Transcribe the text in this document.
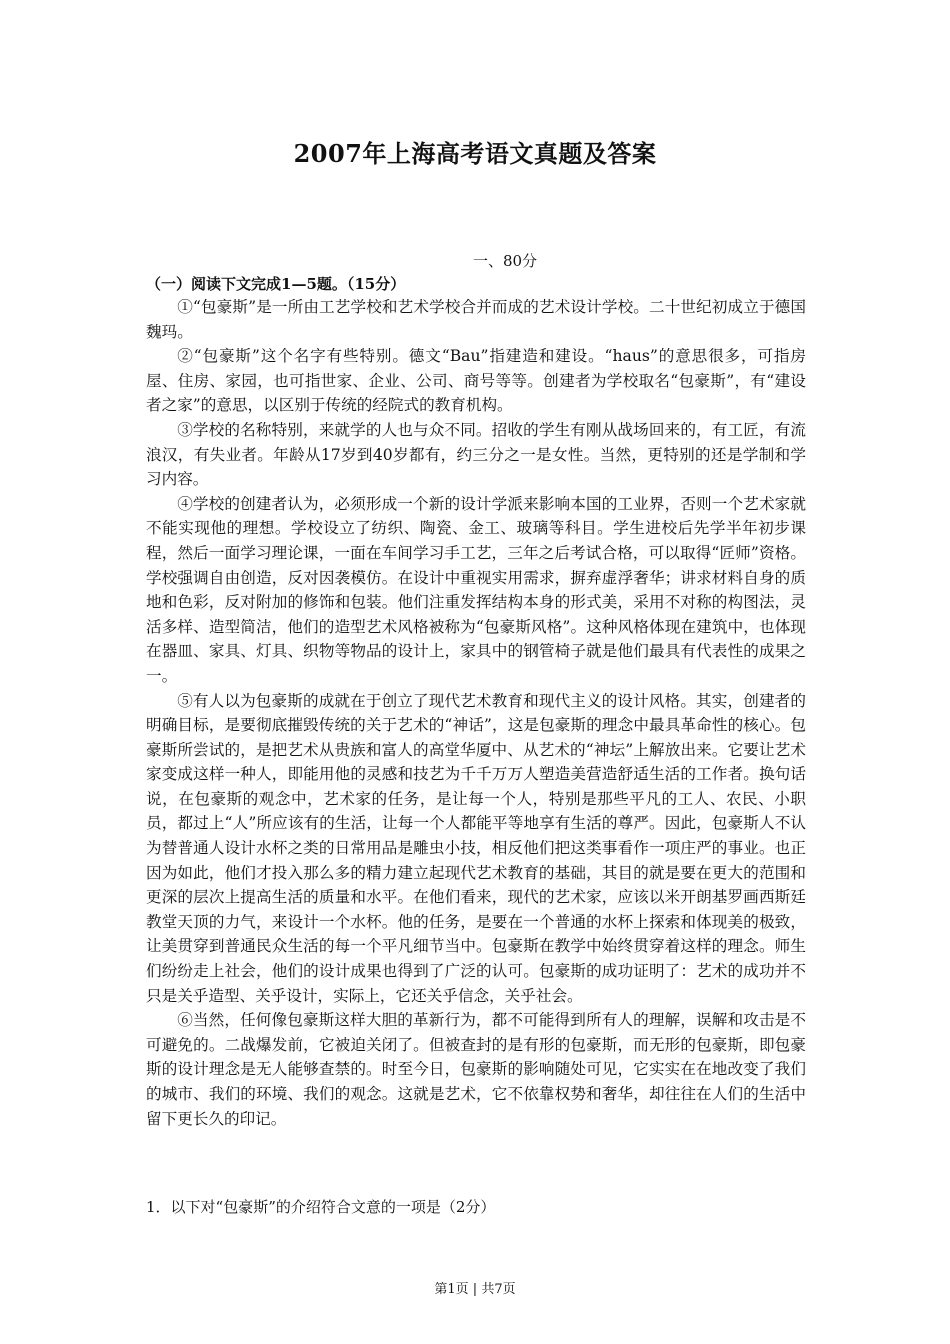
2007年上海高考语文真题及答案
一、80分
（一）阅读下文完成1—5题。（15分）

①“包豪斯”是一所由工艺学校和艺术学校合并而成的艺术设计学校。二十世纪初成立于德国魏玛。

②“包豪斯”这个名字有些特别。德文“Bau”指建造和建设。“haus”的意思很多，可指房屋、住房、家园，也可指世家、企业、公司、商号等等。创建者为学校取名“包豪斯”，有“建设者之家”的意思，以区别于传统的经院式的教育机构。

③学校的名称特别，来就学的人也与众不同。招收的学生有刚从战场回来的，有工匠，有流浪汉，有失业者。年龄从17岁到40岁都有，约三分之一是女性。当然，更特别的还是学制和学习内容。

④学校的创建者认为，必须形成一个新的设计学派来影响本国的工业界，否则一个艺术家就不能实现他的理想。学校设立了纺织、陶瓷、金工、玻璃等科目。学生进校后先学半年初步课程，然后一面学习理论课，一面在车间学习手工艺，三年之后考试合格，可以取得“匠师”资格。学校强调自由创造，反对因袭模仿。在设计中重视实用需求，摒弃虚浮奢华；讲求材料自身的质地和色彩，反对附加的修饰和包装。他们注重发挥结构本身的形式美，采用不对称的构图法，灵活多样、造型简洁，他们的造型艺术风格被称为“包豪斯风格”。这种风格体现在建筑中，也体现在器皿、家具、灯具、织物等物品的设计上，家具中的钢管椅子就是他们最具有代表性的成果之一。

⑤有人以为包豪斯的成就在于创立了现代艺术教育和现代主义的设计风格。其实，创建者的明确目标，是要彻底摧毁传统的关于艺术的“神话”，这是包豪斯的理念中最具革命性的核心。包豪斯所尝试的，是把艺术从贵族和富人的高堂华厦中、从艺术的“神坛”上解放出来。它要让艺术家变成这样一种人，即能用他的灵感和技艺为千千万万人塑造美营造舒适生活的工作者。换句话说，在包豪斯的观念中，艺术家的任务，是让每一个人，特别是那些平凡的工人、农民、小职员，都过上“人”所应该有的生活，让每一个人都能平等地享有生活的尊严。因此，包豪斯人不认为替普通人设计水杯之类的日常用品是雕虫小技，相反他们把这类事看作一项庄严的事业。也正因为如此，他们才投入那么多的精力建立起现代艺术教育的基础，其目的就是要在更大的范围和更深的层次上提高生活的质量和水平。在他们看来，现代的艺术家，应该以米开朗基罗画西斯廷教堂天顶的力气，来设计一个水杯。他的任务，是要在一个普通的水杯上探索和体现美的极致，让美贯穿到普通民众生活的每一个平凡细节当中。包豪斯在教学中始终贯穿着这样的理念。师生们纷纷走上社会，他们的设计成果也得到了广泛的认可。包豪斯的成功证明了：艺术的成功并不只是关乎造型、关乎设计，实际上，它还关乎信念，关乎社会。

⑥当然，任何像包豪斯这样大胆的革新行为，都不可能得到所有人的理解，误解和攻击是不可避免的。二战爆发前，它被迫关闭了。但被查封的是有形的包豪斯，而无形的包豪斯，即包豪斯的设计理念是无人能够查禁的。时至今日，包豪斯的影响随处可见，它实实在在地改变了我们的城市、我们的环境、我们的观念。这就是艺术，它不依靠权势和奢华，却往往在人们的生活中留下更长久的印记。

1．以下对“包豪斯”的介绍符合文意的一项是（2分）
第1页 | 共7页
